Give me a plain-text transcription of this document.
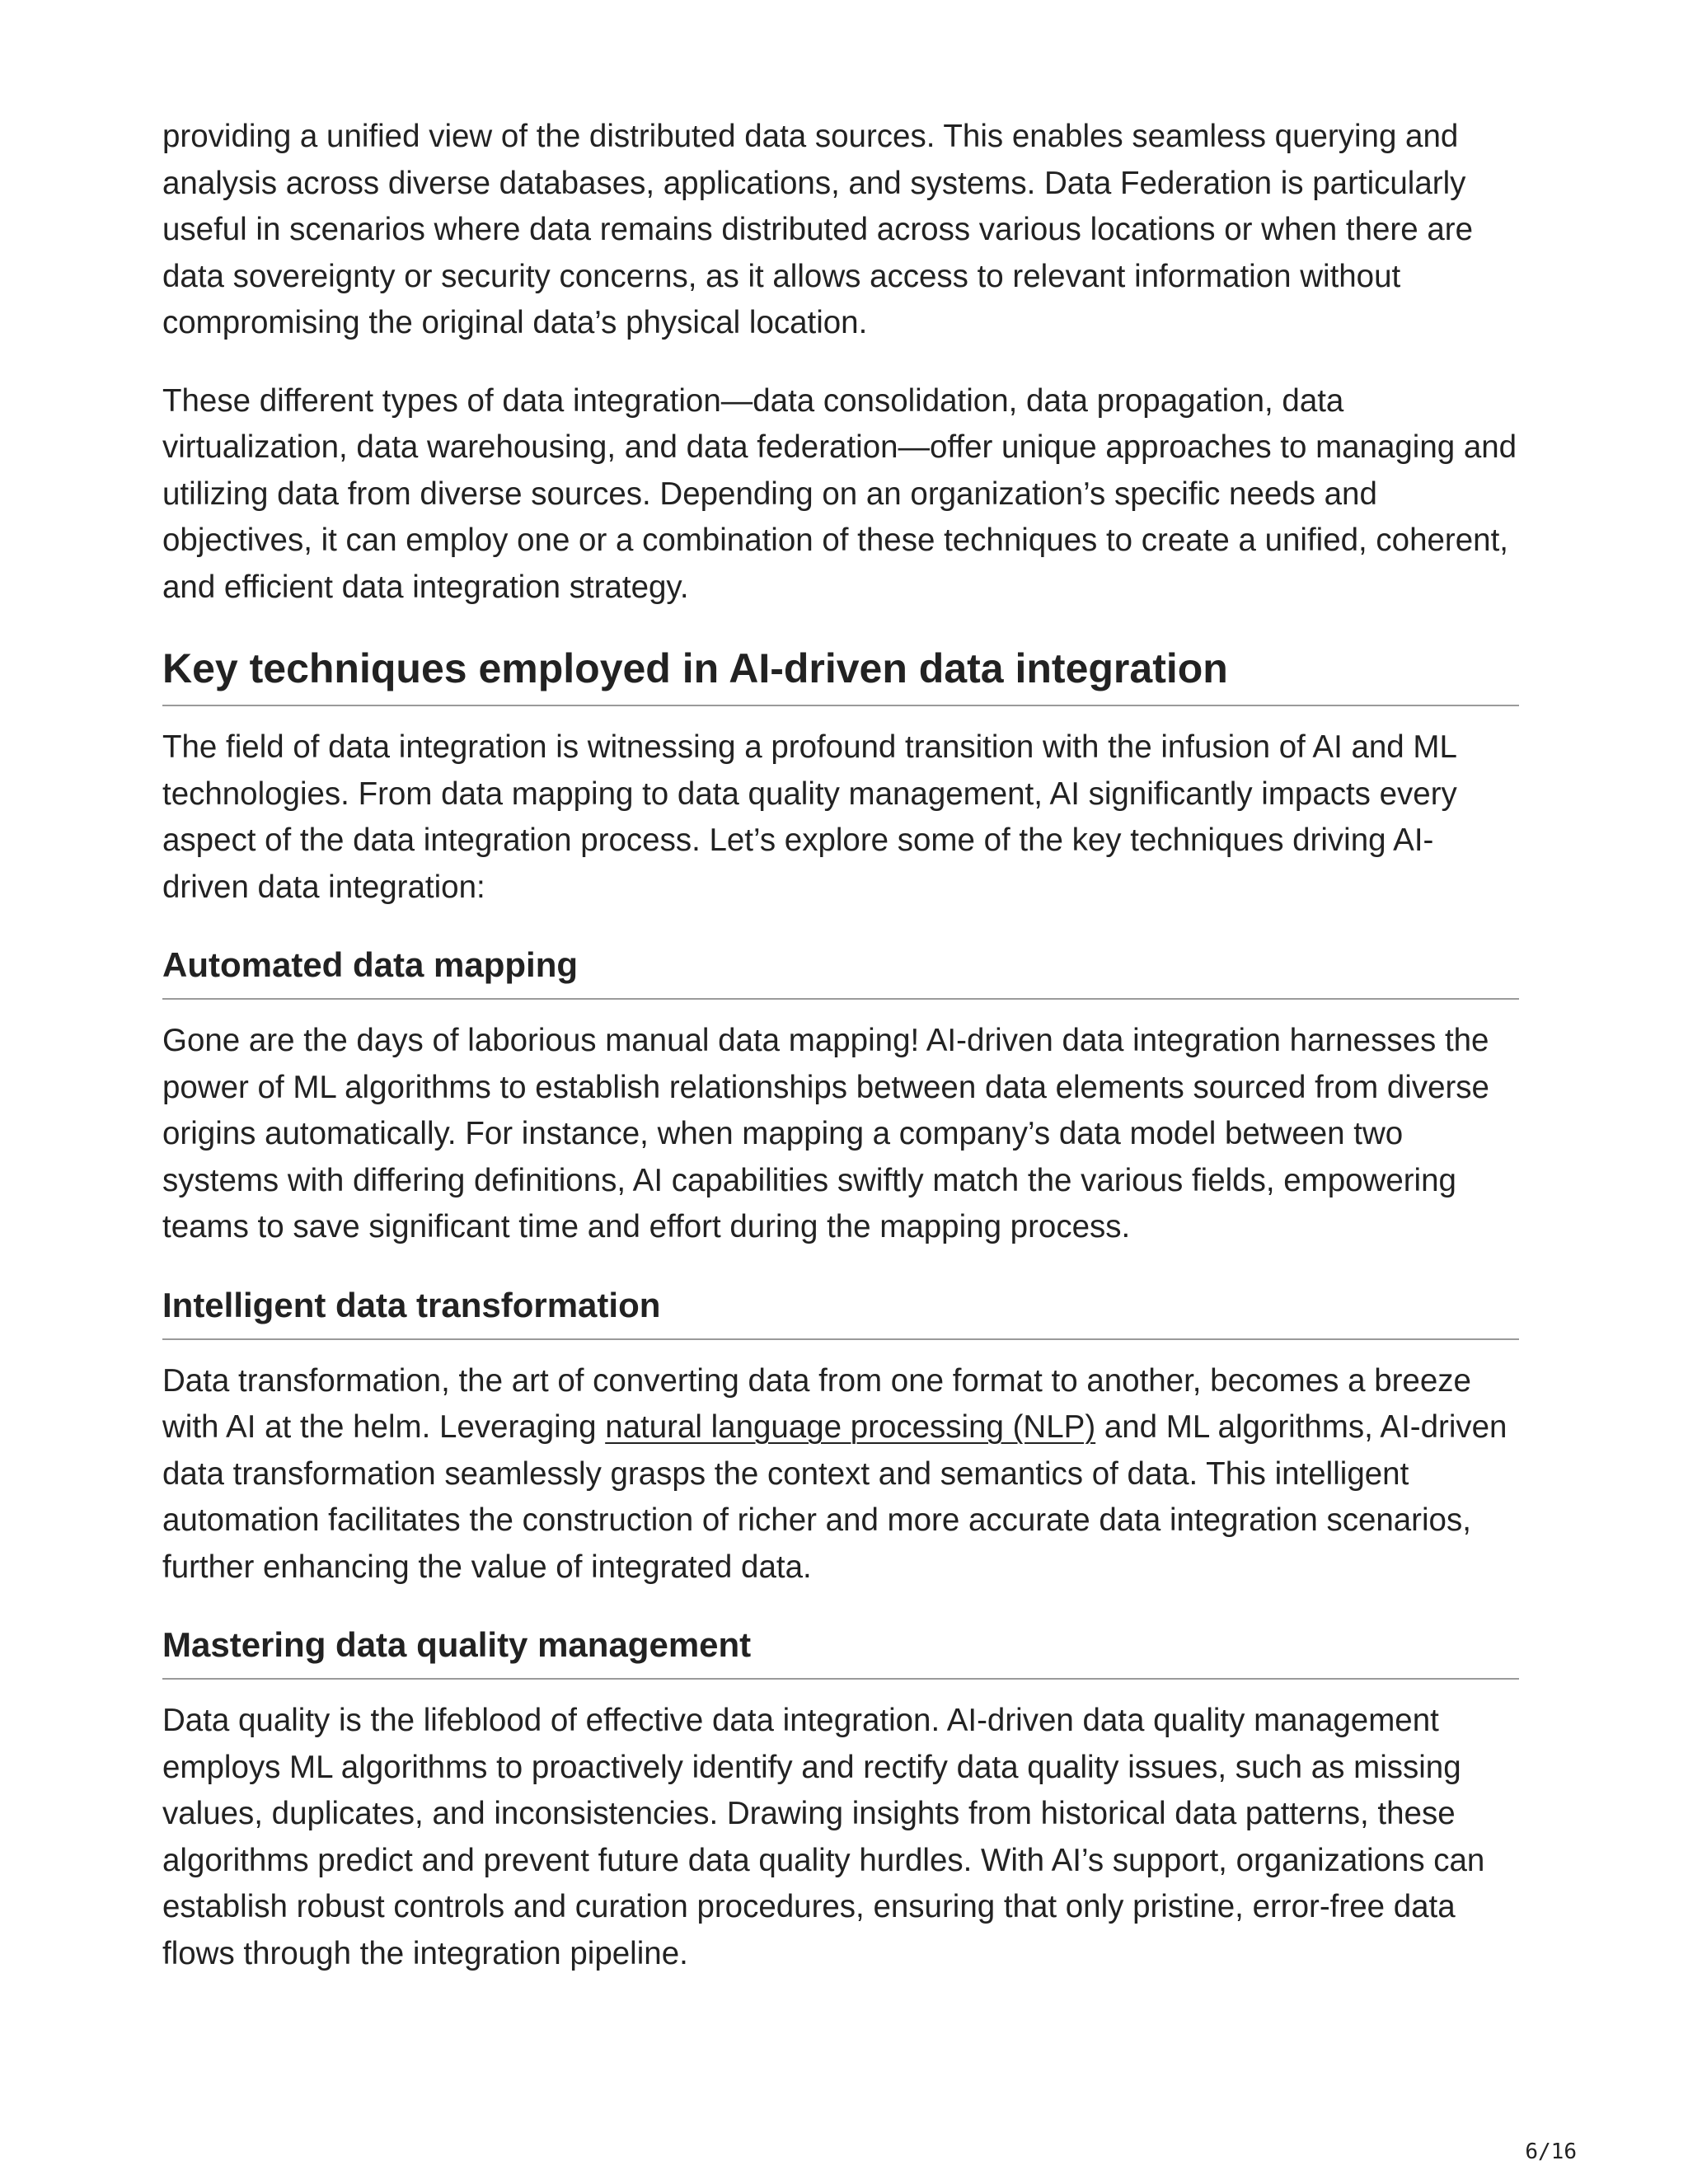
providing a unified view of the distributed data sources. This enables seamless querying and analysis across diverse databases, applications, and systems. Data Federation is particularly useful in scenarios where data remains distributed across various locations or when there are data sovereignty or security concerns, as it allows access to relevant information without compromising the original data’s physical location.

These different types of data integration—data consolidation, data propagation, data virtualization, data warehousing, and data federation—offer unique approaches to managing and utilizing data from diverse sources. Depending on an organization’s specific needs and objectives, it can employ one or a combination of these techniques to create a unified, coherent, and efficient data integration strategy.

Key techniques employed in AI-driven data integration

The field of data integration is witnessing a profound transition with the infusion of AI and ML technologies. From data mapping to data quality management, AI significantly impacts every aspect of the data integration process. Let’s explore some of the key techniques driving AI-driven data integration:

Automated data mapping

Gone are the days of laborious manual data mapping! AI-driven data integration harnesses the power of ML algorithms to establish relationships between data elements sourced from diverse origins automatically. For instance, when mapping a company’s data model between two systems with differing definitions, AI capabilities swiftly match the various fields, empowering teams to save significant time and effort during the mapping process.

Intelligent data transformation

Data transformation, the art of converting data from one format to another, becomes a breeze with AI at the helm. Leveraging natural language processing (NLP) and ML algorithms, AI-driven data transformation seamlessly grasps the context and semantics of data. This intelligent automation facilitates the construction of richer and more accurate data integration scenarios, further enhancing the value of integrated data.

Mastering data quality management

Data quality is the lifeblood of effective data integration. AI-driven data quality management employs ML algorithms to proactively identify and rectify data quality issues, such as missing values, duplicates, and inconsistencies. Drawing insights from historical data patterns, these algorithms predict and prevent future data quality hurdles. With AI’s support, organizations can establish robust controls and curation procedures, ensuring that only pristine, error-free data flows through the integration pipeline.

6/16
